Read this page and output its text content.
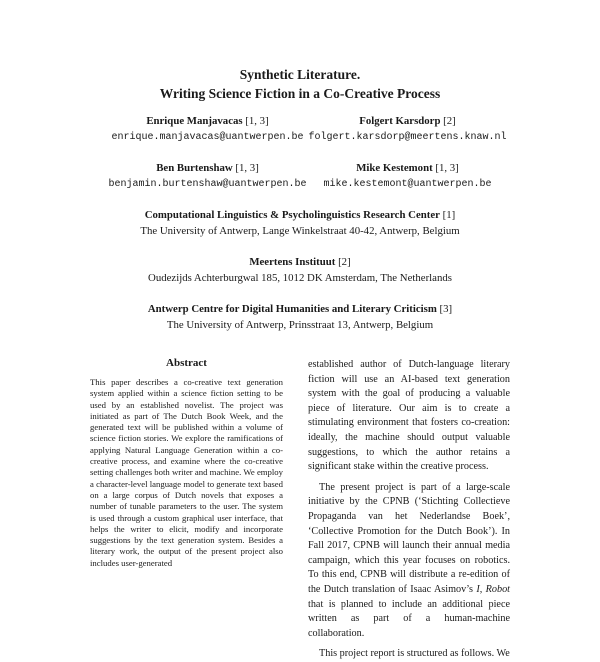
Synthetic Literature.
Writing Science Fiction in a Co-Creative Process
Enrique Manjavacas [1, 3]
enrique.manjavacas@uantwerpen.be
Folgert Karsdorp [2]
folgert.karsdorp@meertens.knaw.nl
Ben Burtenshaw [1, 3]
benjamin.burtenshaw@uantwerpen.be
Mike Kestemont [1, 3]
mike.kestemont@uantwerpen.be
Computational Linguistics & Psycholinguistics Research Center [1]
The University of Antwerp, Lange Winkelstraat 40-42, Antwerp, Belgium
Meertens Instituut [2]
Oudezijds Achterburgwal 185, 1012 DK Amsterdam, The Netherlands
Antwerp Centre for Digital Humanities and Literary Criticism [3]
The University of Antwerp, Prinsstraat 13, Antwerp, Belgium
Abstract
This paper describes a co-creative text generation system applied within a science fiction setting to be used by an established novelist. The project was initiated as part of The Dutch Book Week, and the generated text will be published within a volume of science fiction stories. We explore the ramifications of applying Natural Language Generation within a co-creative process, and examine where the co-creative setting challenges both writer and machine. We employ a character-level language model to generate text based on a large corpus of Dutch novels that exposes a number of tunable parameters to the user. The system is used through a custom graphical user interface, that helps the writer to elicit, modify and incorporate suggestions by the text generation system. Besides a literary work, the output of the present project also includes user-generated

established author of Dutch-language literary fiction will use an AI-based text generation system with the goal of producing a valuable piece of literature. Our aim is to create a stimulating environment that fosters co-creation: ideally, the machine should output valuable suggestions, to which the author retains a significant stake within the creative process.

The present project is part of a large-scale initiative by the CPNB (‘Stichting Collectieve Propaganda van het Nederlandse Boek’, ‘Collective Promotion for the Dutch Book’). In Fall 2017, CPNB will launch their annual media campaign, which this year focuses on robotics. To this end, CPNB will distribute a re-edition of the Dutch translation of Isaac Asimov’s I, Robot that is planned to include an additional piece written as part of a human-machine collaboration.

This project report is structured as follows. We
